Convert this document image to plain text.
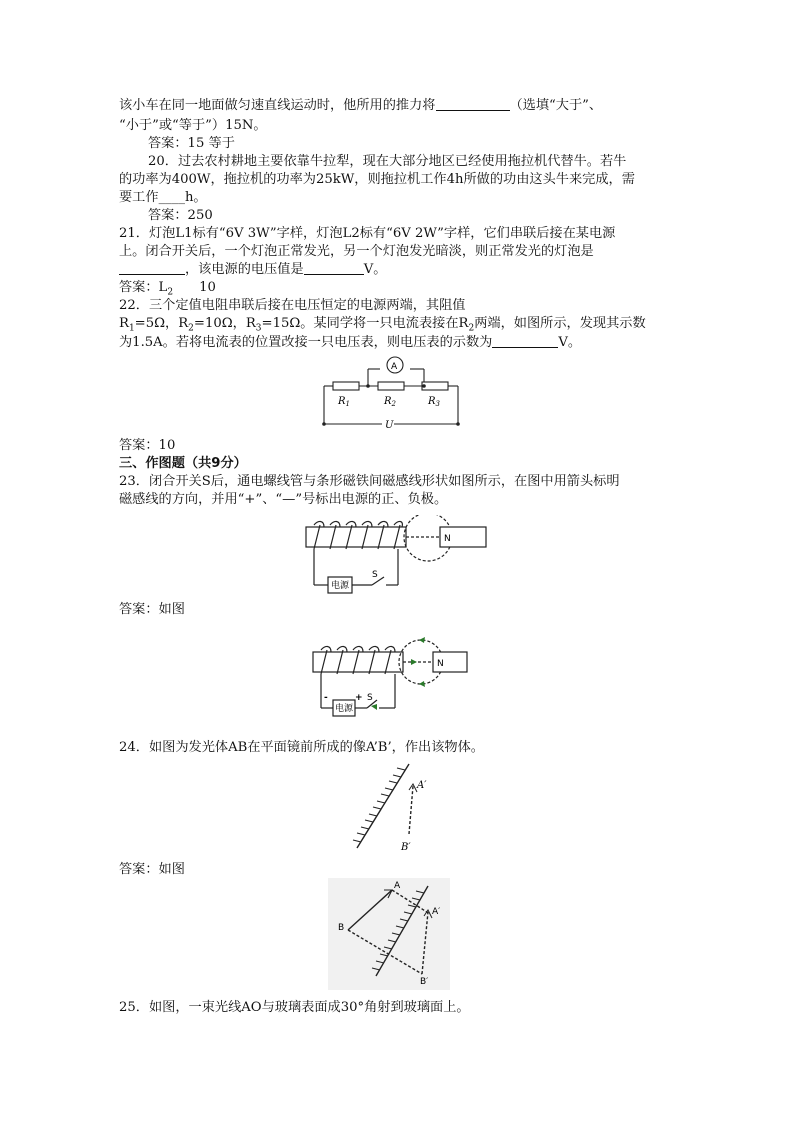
该小车在同一地面做匀速直线运动时，他所用的推力将	（选填“大于”、
“小于”或“等于”）15N。
答案：15 等于
20．过去农村耕地主要依靠牛拉犁，现在大部分地区已经使用拖拉机代替牛。若牛
的功率为400W，拖拉机的功率为25kW，则拖拉机工作4h所做的功由这头牛来完成，需
要工作____h。
答案：250
21．灯泡L1标有“6V 3W”字样，灯泡L2标有“6V 2W”字样，它们串联后接在某电源
上。闭合开关后，一个灯泡正常发光，另一个灯泡发光暗淡，则正常发光的灯泡是
，该电源的电压值是	V。
答案：$L_2$ 10
22．三个定值电阻串联后接在电压恒定的电源两端，其阻值
$R_1=5\Omega$，$R_2=10\Omega$，$R_3=15\Omega$。某同学将一只电流表接在$R_2$两端，如图所示，发现其示数
为1.5A。若将电流表的位置改接一只电压表，则电压表的示数为	V。
A
$R_1$	$R_2$	$R_3$
U
答案：10
三、作图题（共9分）
23．闭合开关S后，通电螺线管与条形磁铁间磁感线形状如图所示，在图中用箭头标明
磁感线的方向，并用“+”、“—”号标出电源的正、负极。
N
S
电源
答案：如图
N
S
电源
+
-
24．如图为发光体AB在平面镜前所成的像A’B’，作出该物体。
A′
B′
答案：如图
A
B
A′
B′
25．如图，一束光线AO与玻璃表面成30°角射到玻璃面上。
